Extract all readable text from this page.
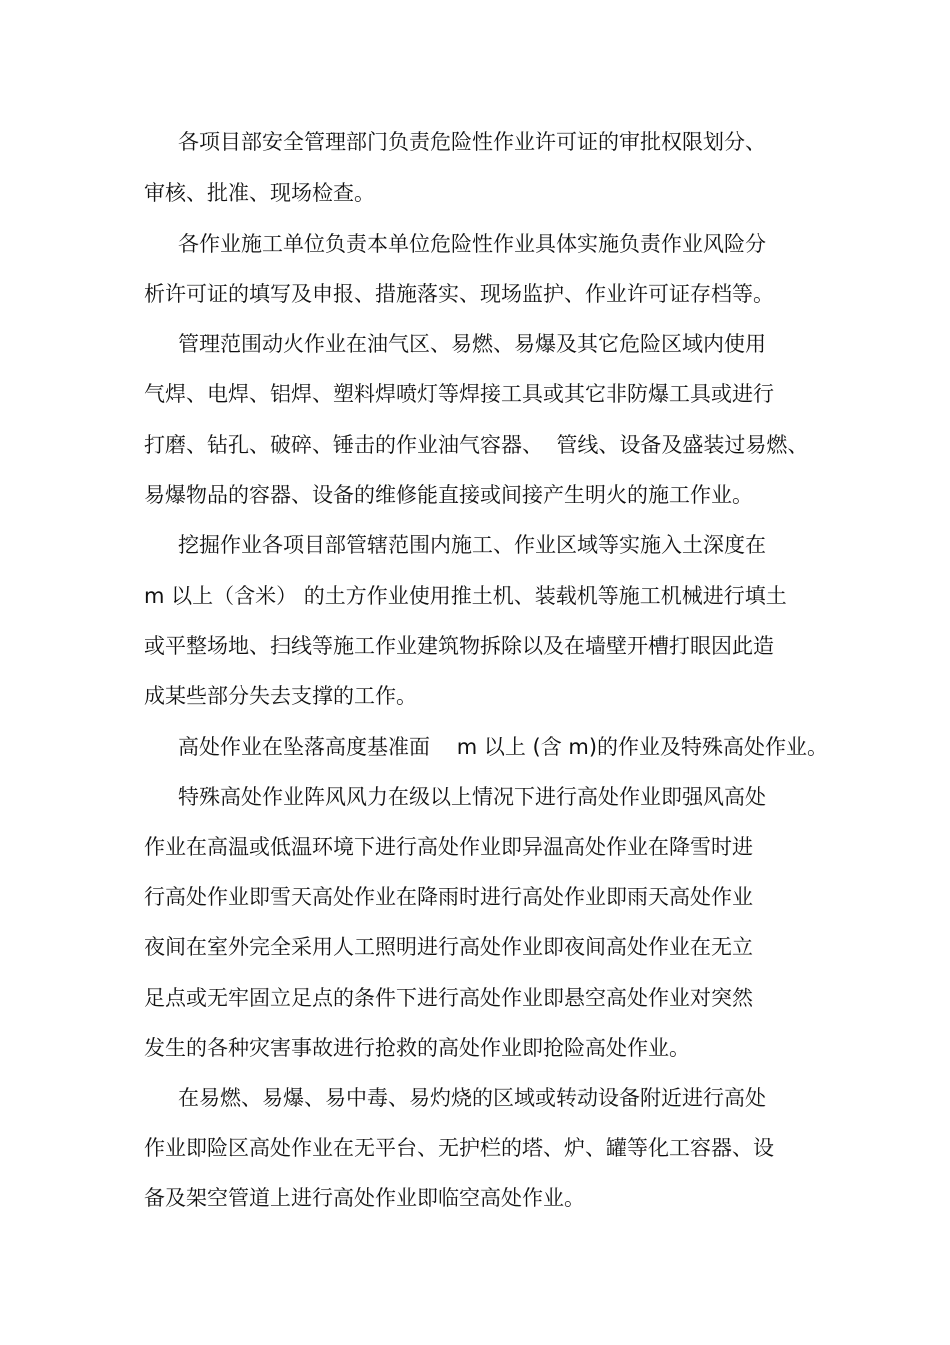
各项目部安全管理部门负责危险性作业许可证的审批权限划分、

审核、批准、现场检查。

各作业施工单位负责本单位危险性作业具体实施负责作业风险分

析许可证的填写及申报、措施落实、现场监护、作业许可证存档等。

管理范围动火作业在油气区、易燃、易爆及其它危险区域内使用

气焊、电焊、铝焊、塑料焊喷灯等焊接工具或其它非防爆工具或进行

打磨、钻孔、破碎、锤击的作业油气容器、  管线、设备及盛装过易燃、

易爆物品的容器、设备的维修能直接或间接产生明火的施工作业。

挖掘作业各项目部管辖范围内施工、作业区域等实施入土深度在

m 以上（含米） 的土方作业使用推土机、装载机等施工机械进行填土

或平整场地、扫线等施工作业建筑物拆除以及在墙壁开槽打眼因此造

成某些部分失去支撑的工作。

高处作业在坠落高度基准面    m 以上 (含 m)的作业及特殊高处作业。

特殊高处作业阵风风力在级以上情况下进行高处作业即强风高处

作业在高温或低温环境下进行高处作业即异温高处作业在降雪时进

行高处作业即雪天高处作业在降雨时进行高处作业即雨天高处作业

夜间在室外完全采用人工照明进行高处作业即夜间高处作业在无立

足点或无牢固立足点的条件下进行高处作业即悬空高处作业对突然

发生的各种灾害事故进行抢救的高处作业即抢险高处作业。

在易燃、易爆、易中毒、易灼烧的区域或转动设备附近进行高处

作业即险区高处作业在无平台、无护栏的塔、炉、罐等化工容器、设

备及架空管道上进行高处作业即临空高处作业。
